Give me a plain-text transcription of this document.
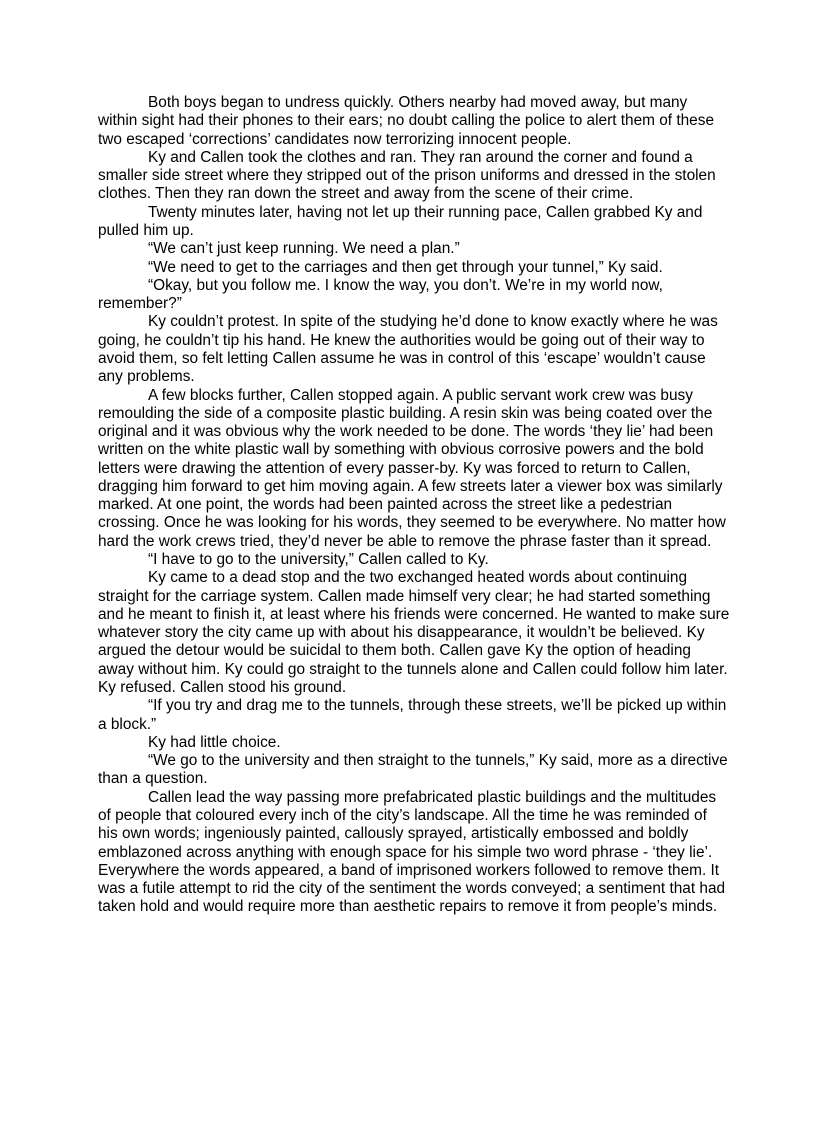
Both boys began to undress quickly. Others nearby had moved away, but many within sight had their phones to their ears; no doubt calling the police to alert them of these two escaped ‘corrections’ candidates now terrorizing innocent people.

Ky and Callen took the clothes and ran. They ran around the corner and found a smaller side street where they stripped out of the prison uniforms and dressed in the stolen clothes. Then they ran down the street and away from the scene of their crime.

Twenty minutes later, having not let up their running pace, Callen grabbed Ky and pulled him up.

“We can’t just keep running. We need a plan.”

“We need to get to the carriages and then get through your tunnel,” Ky said.

“Okay, but you follow me. I know the way, you don’t. We’re in my world now, remember?”

Ky couldn’t protest. In spite of the studying he’d done to know exactly where he was going, he couldn’t tip his hand. He knew the authorities would be going out of their way to avoid them, so felt letting Callen assume he was in control of this ‘escape’ wouldn’t cause any problems.

A few blocks further, Callen stopped again. A public servant work crew was busy remoulding the side of a composite plastic building. A resin skin was being coated over the original and it was obvious why the work needed to be done. The words ‘they lie’ had been written on the white plastic wall by something with obvious corrosive powers and the bold letters were drawing the attention of every passer-by. Ky was forced to return to Callen, dragging him forward to get him moving again. A few streets later a viewer box was similarly marked. At one point, the words had been painted across the street like a pedestrian crossing. Once he was looking for his words, they seemed to be everywhere. No matter how hard the work crews tried, they’d never be able to remove the phrase faster than it spread.

“I have to go to the university,” Callen called to Ky.

Ky came to a dead stop and the two exchanged heated words about continuing straight for the carriage system. Callen made himself very clear; he had started something and he meant to finish it, at least where his friends were concerned. He wanted to make sure whatever story the city came up with about his disappearance, it wouldn’t be believed. Ky argued the detour would be suicidal to them both. Callen gave Ky the option of heading away without him. Ky could go straight to the tunnels alone and Callen could follow him later. Ky refused. Callen stood his ground.

“If you try and drag me to the tunnels, through these streets, we’ll be picked up within a block.”

Ky had little choice.

“We go to the university and then straight to the tunnels,” Ky said, more as a directive than a question.

Callen lead the way passing more prefabricated plastic buildings and the multitudes of people that coloured every inch of the city’s landscape. All the time he was reminded of his own words; ingeniously painted, callously sprayed, artistically embossed and boldly emblazoned across anything with enough space for his simple two word phrase - ‘they lie’. Everywhere the words appeared, a band of imprisoned workers followed to remove them. It was a futile attempt to rid the city of the sentiment the words conveyed; a sentiment that had taken hold and would require more than aesthetic repairs to remove it from people’s minds.
